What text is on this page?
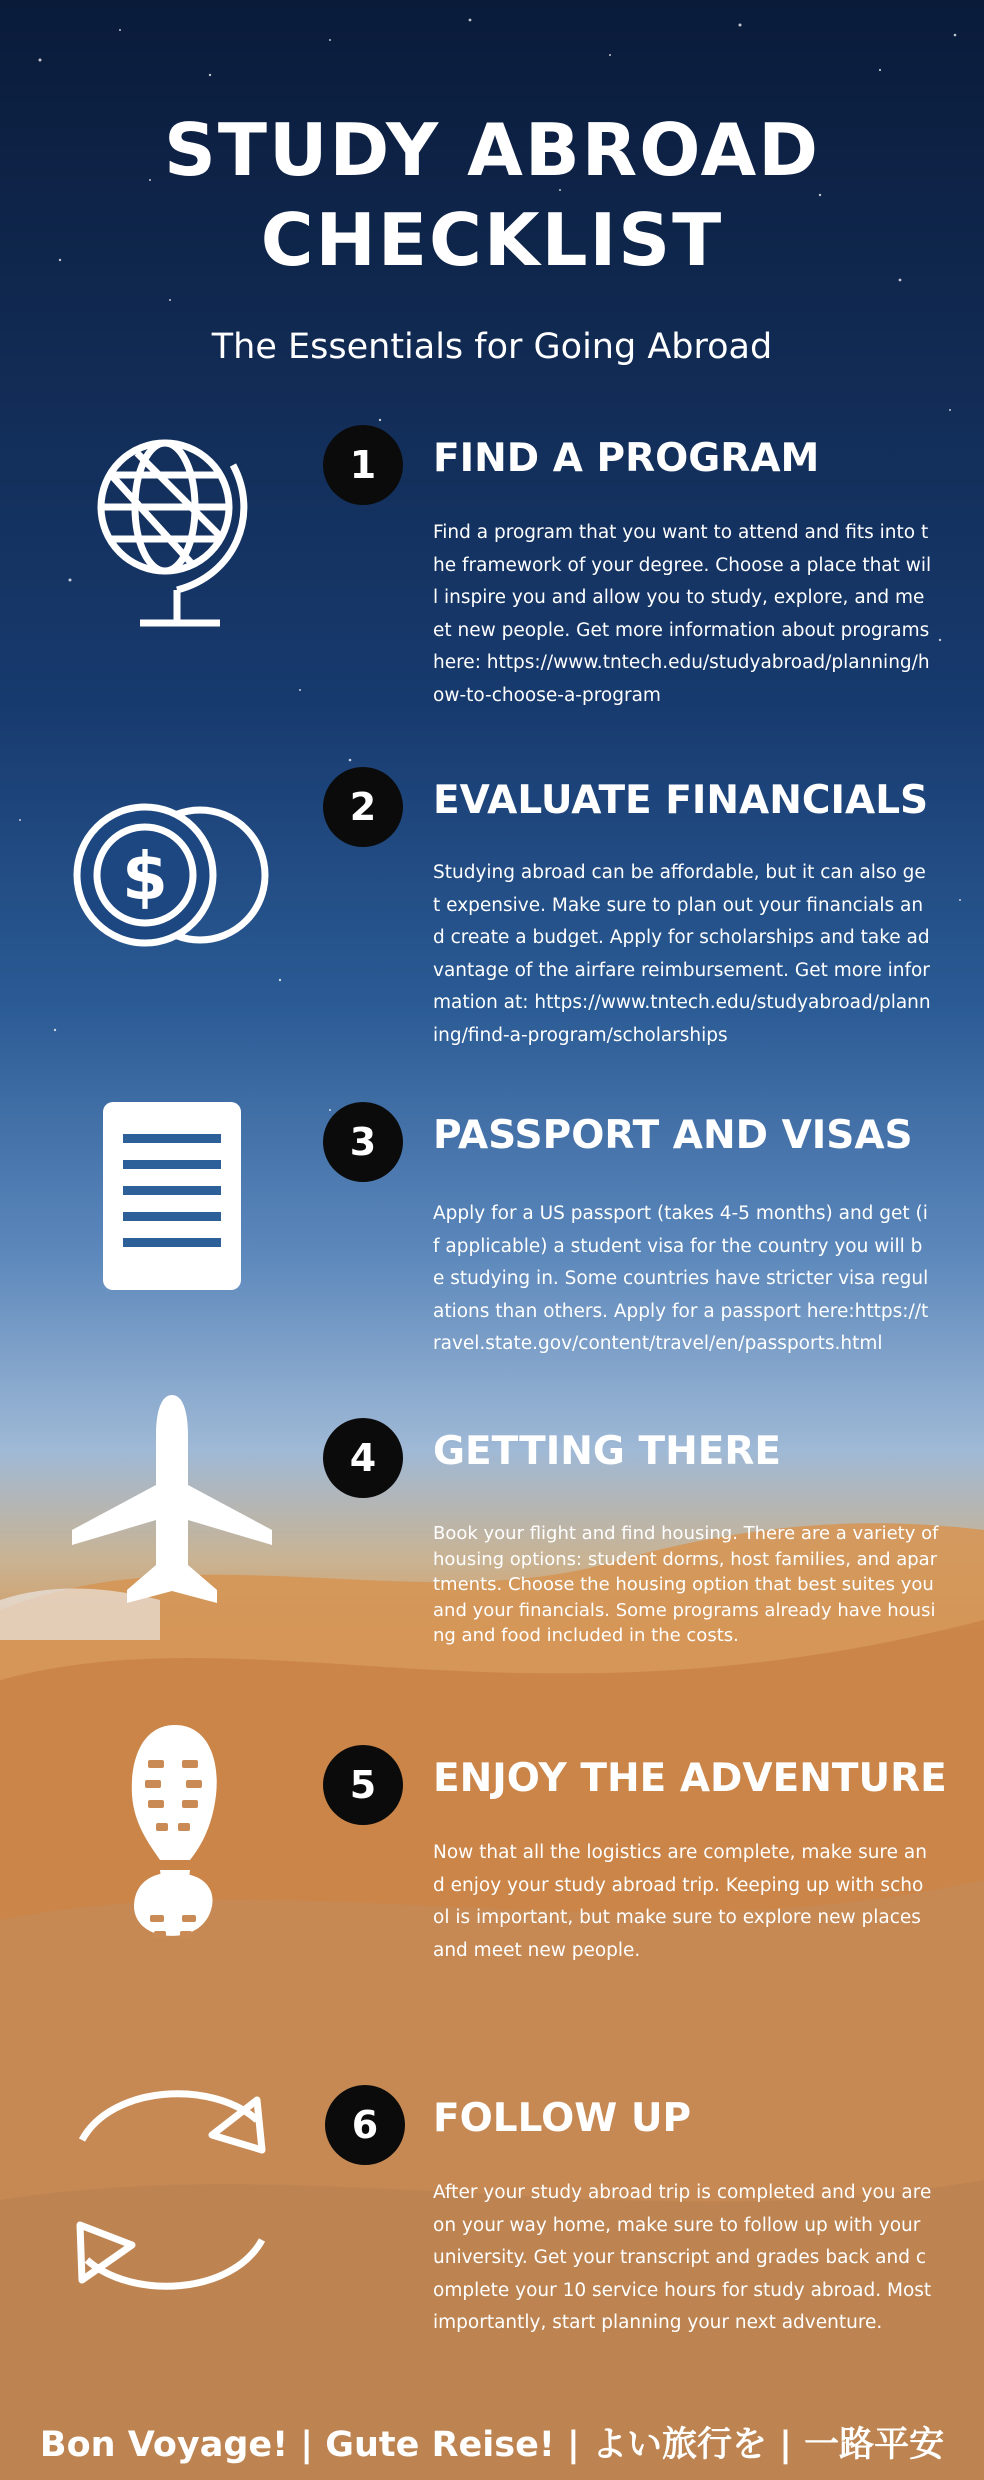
STUDY ABROAD
CHECKLIST
The Essentials for Going Abroad
1	FIND A PROGRAM
Find a program that you want to attend and fits into the framework of your degree. Choose a place that will inspire you and allow you to study, explore, and meet new people. Get more information about programs here: https://www.tntech.edu/studyabroad/planning/how-to-choose-a-program
$
2	EVALUATE FINANCIALS
Studying abroad can be affordable, but it can also get expensive. Make sure to plan out your financials and create a budget. Apply for scholarships and take advantage of the airfare reimbursement. Get more information at: https://www.tntech.edu/studyabroad/planning/find-a-program/scholarships
3	PASSPORT AND VISAS
Apply for a US passport (takes 4-5 months) and get (if applicable) a student visa for the country you will be studying in. Some countries have stricter visa regulations than others. Apply for a passport here:https://travel.state.gov/content/travel/en/passports.html
4	GETTING THERE
Book your flight and find housing. There are a variety of housing options: student dorms, host families, and apartments. Choose the housing option that best suites you and your financials. Some programs already have housing and food included in the costs.
5	ENJOY THE ADVENTURE
Now that all the logistics are complete, make sure and enjoy your study abroad trip. Keeping up with school is important, but make sure to explore new places and meet new people.
6	FOLLOW UP
After your study abroad trip is completed and you are on your way home, make sure to follow up with your university. Get your transcript and grades back and complete your 10 service hours for study abroad. Most importantly, start planning your next adventure.
Bon Voyage! | Gute Reise! | よい旅行を | 一路平安
